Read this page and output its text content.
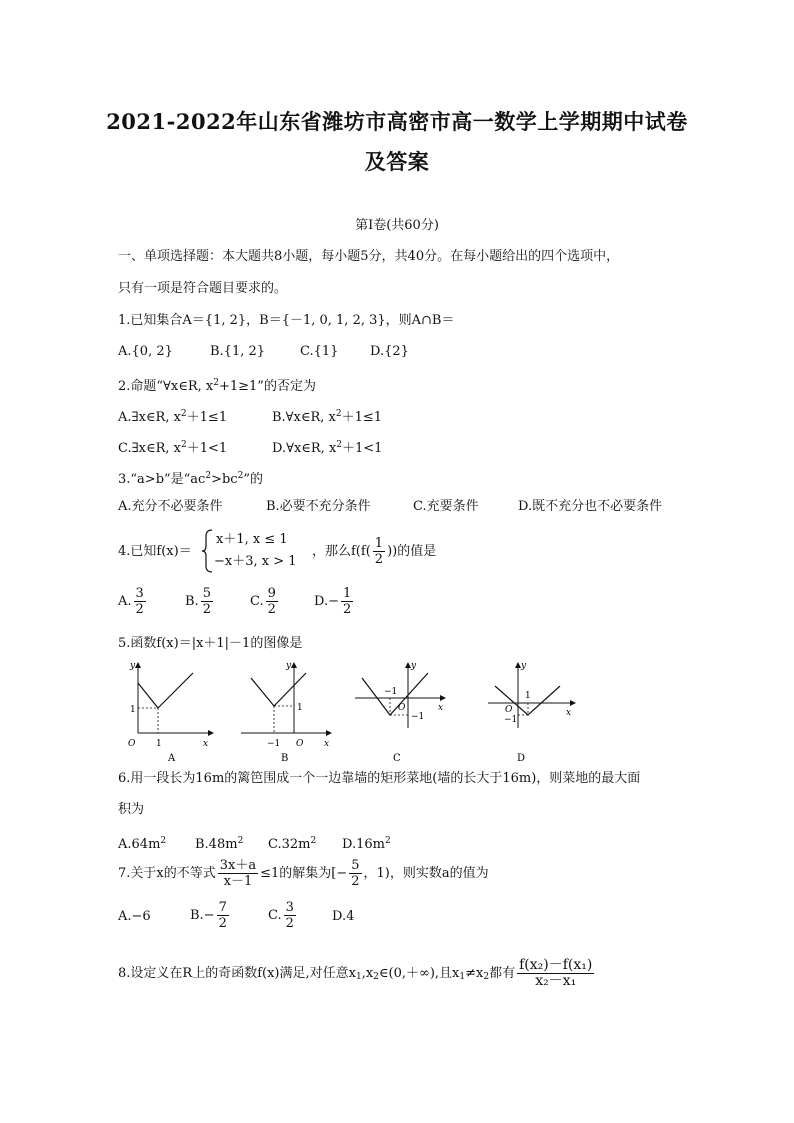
2021-2022年山东省潍坊市高密市高一数学上学期期中试卷
及答案
第Ⅰ卷(共60分)
一、单项选择题：本大题共8小题，每小题5分，共40分。在每小题给出的四个选项中，
只有一项是符合题目要求的。
1.已知集合A＝{1, 2}，B＝{－1, 0, 1, 2, 3}，则A∩B＝
A.{0, 2}	B.{1, 2}	C.{1} D.{2}
2.命题“∀x∈R, $x^2+1\ge 1$”的否定为
A.∃x∈R, $x^2+1\le 1$	B.∀x∈R, $x^2+1\le 1$
C.∃x∈R, $x^2+1<1$	D.∀x∈R, $x^2+1<1$
3.“a>b”是“$ac^2>bc^2$”的
A.充分不必要条件	B.必要不充分条件	C.充要条件	D.既不充分也不必要条件
4.已知f(x)＝
x＋1, x ≤ 1
−x＋3, x > 1
，那么$f(f( \frac{1}{2}$ ))的值是
A. $\frac{3}{2}$	B. $\frac{5}{2}$	C. $\frac{9}{2}$	$D.- \frac{1}{2}$
5.函数f(x)＝|x＋1|－1的图像是
y
x
O
1
1
A
y
x
O
1
−1
B
y
x
O
−1
−1
C
y
x
O
1
−1
D
6.用一段长为16m的篱笆围成一个一边靠墙的矩形菜地(墙的长大于16m)，则菜地的最大面
积为
$A.64m^2$ $B.48m^2$ $C.32m^2$ $D.16m^2$
7.关于x的不等式 $\frac{3x+a}{x-1} \le 1$的解集为[− $\frac{5}{2}$ ，1)，则实数a的值为
A.−6	$B.- \frac{7}{2}$	C. $\frac{3}{2}$	D.4
8.设定义在R上的奇函数f(x)满足,对任意$x_1,x_2\in(0,+\infty)$,且$x_1\ne x_2$都有 $\frac{\text{f(x₂)－f(x₁)}}{\text{x₂－x₁}}$
